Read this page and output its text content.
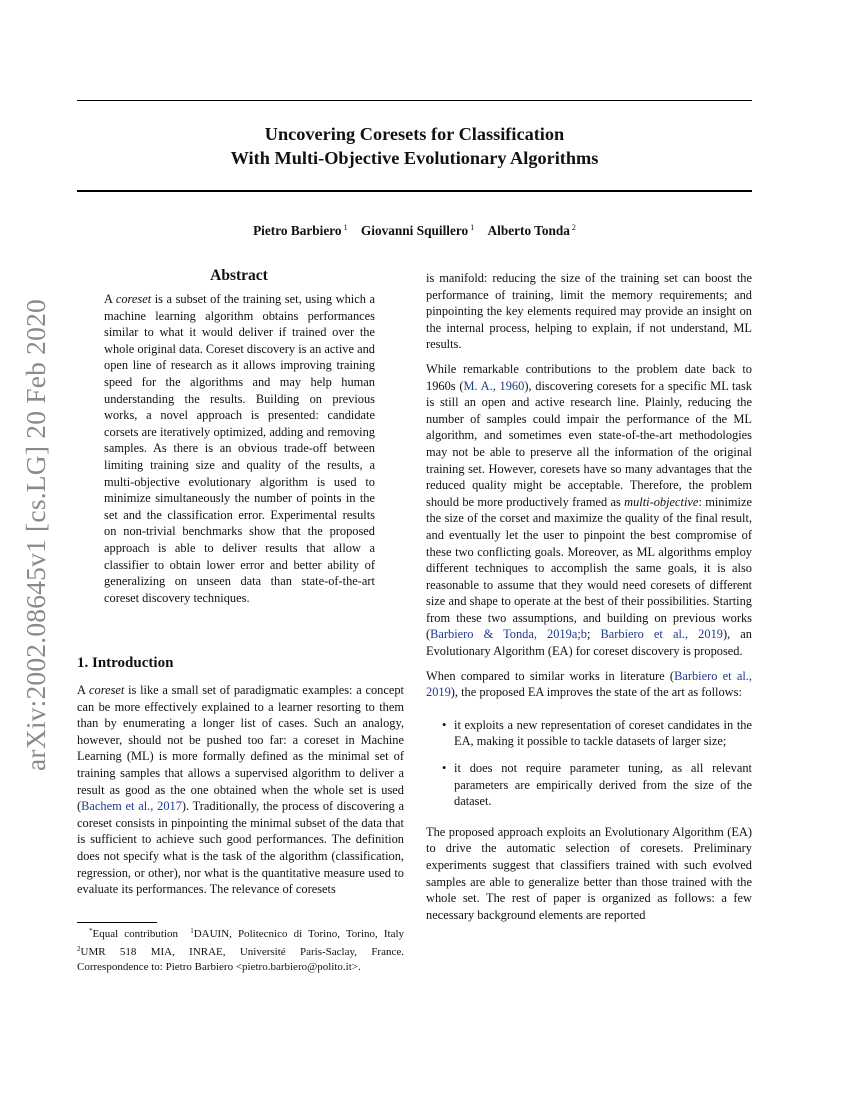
arXiv:2002.08645v1 [cs.LG] 20 Feb 2020
Uncovering Coresets for Classification
With Multi-Objective Evolutionary Algorithms
Pietro Barbiero $^1$ Giovanni Squillero $^1$ Alberto Tonda $^2$
Abstract

A coreset is a subset of the training set, using which a machine learning algorithm obtains performances similar to what it would deliver if trained over the whole original data. Coreset discovery is an active and open line of research as it allows improving training speed for the algorithms and may help human understanding the results. Building on previous works, a novel approach is presented: candidate corsets are iteratively optimized, adding and removing samples. As there is an obvious trade-off between limiting training size and quality of the results, a multi-objective evolutionary algorithm is used to minimize simultaneously the number of points in the set and the classification error. Experimental results on non-trivial benchmarks show that the proposed approach is able to deliver results that allow a classifier to obtain lower error and better ability of generalizing on unseen data than state-of-the-art coreset discovery techniques.

1. Introduction

A coreset is like a small set of paradigmatic examples: a concept can be more effectively explained to a learner resorting to them than by enumerating a longer list of cases. Such an analogy, however, should not be pushed too far: a coreset in Machine Learning (ML) is more formally defined as the minimal set of training samples that allows a supervised algorithm to deliver a result as good as the one obtained when the whole set is used (Bachem et al., 2017). Traditionally, the process of discovering a coreset consists in pinpointing the minimal subset of the data that is sufficient to achieve such good performances. The definition does not specify what is the task of the algorithm (classification, regression, or other), nor what is the quantitative measure used to evaluate its performances. The relevance of coresets

*Equal contribution $^1$DAUIN, Politecnico di Torino, Torino, Italy $^2$UMR 518 MIA, INRAE, Université Paris-Saclay, France. Correspondence to: Pietro Barbiero <pietro.barbiero@polito.it>.

is manifold: reducing the size of the training set can boost the performance of training, limit the memory requirements; and pinpointing the key elements required may provide an insight on the internal process, helping to explain, if not understand, ML results.

While remarkable contributions to the problem date back to 1960s (M. A., 1960), discovering coresets for a specific ML task is still an open and active research line. Plainly, reducing the number of samples could impair the performance of the ML algorithm, and sometimes even state-of-the-art methodologies may not be able to preserve all the information of the original training set. However, coresets have so many advantages that the reduced quality might be acceptable. Therefore, the problem should be more productively framed as multi-objective: minimize the size of the corset and maximize the quality of the final result, and eventually let the user to pinpoint the best compromise of these two conflicting goals. Moreover, as ML algorithms employ different techniques to accomplish the same goals, it is also reasonable to assume that they would need coresets of different size and shape to operate at the best of their possibilities. Starting from these two assumptions, and building on previous works (Barbiero & Tonda, 2019a;b; Barbiero et al., 2019), an Evolutionary Algorithm (EA) for coreset discovery is proposed.

When compared to similar works in literature (Barbiero et al., 2019), the proposed EA improves the state of the art as follows:

• it exploits a new representation of coreset candidates in the EA, making it possible to tackle datasets of larger size;
• it does not require parameter tuning, as all relevant parameters are empirically derived from the size of the dataset.

The proposed approach exploits an Evolutionary Algorithm (EA) to drive the automatic selection of coresets. Preliminary experiments suggest that classifiers trained with such evolved samples are able to generalize better than those trained with the whole set. The rest of paper is organized as follows: a few necessary background elements are reported
